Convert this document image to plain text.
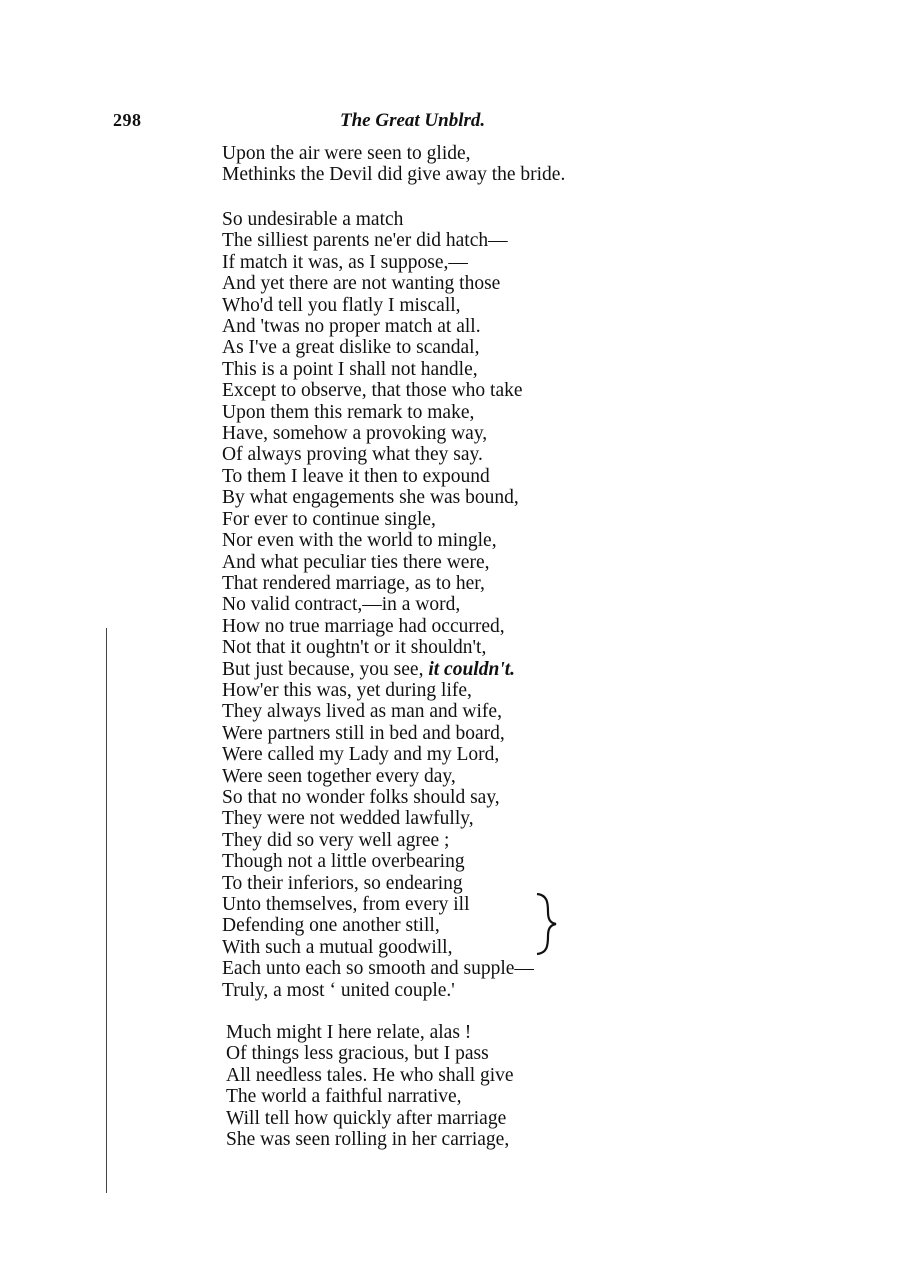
298	The Great Unblrd.
Upon the air were seen to glide,
Methinks the Devil did give away the bride.
So undesirable a match
The silliest parents ne'er did hatch—
If match it was, as I suppose,—
And yet there are not wanting those
Who'd tell you flatly I miscall,
And 'twas no proper match at all.
As I've a great dislike to scandal,
This is a point I shall not handle,
Except to observe, that those who take
Upon them this remark to make,
Have, somehow a provoking way,
Of always proving what they say.
To them I leave it then to expound
By what engagements she was bound,
For ever to continue single,
Nor even with the world to mingle,
And what peculiar ties there were,
That rendered marriage, as to her,
No valid contract,—in a word,
How no true marriage had occurred,
Not that it oughtn't or it shouldn't,
But just because, you see, it couldn't.
How'er this was, yet during life,
They always lived as man and wife,
Were partners still in bed and board,
Were called my Lady and my Lord,
Were seen together every day,
So that no wonder folks should say,
They were not wedded lawfully,
They did so very well agree ;
Though not a little overbearing
To their inferiors, so endearing
Unto themselves, from every ill
Defending one another still,
With such a mutual goodwill,
Each unto each so smooth and supple—
Truly, a most ‘ united couple.'
Much might I here relate, alas !
Of things less gracious, but I pass
All needless tales. He who shall give
The world a faithful narrative,
Will tell how quickly after marriage
She was seen rolling in her carriage,
